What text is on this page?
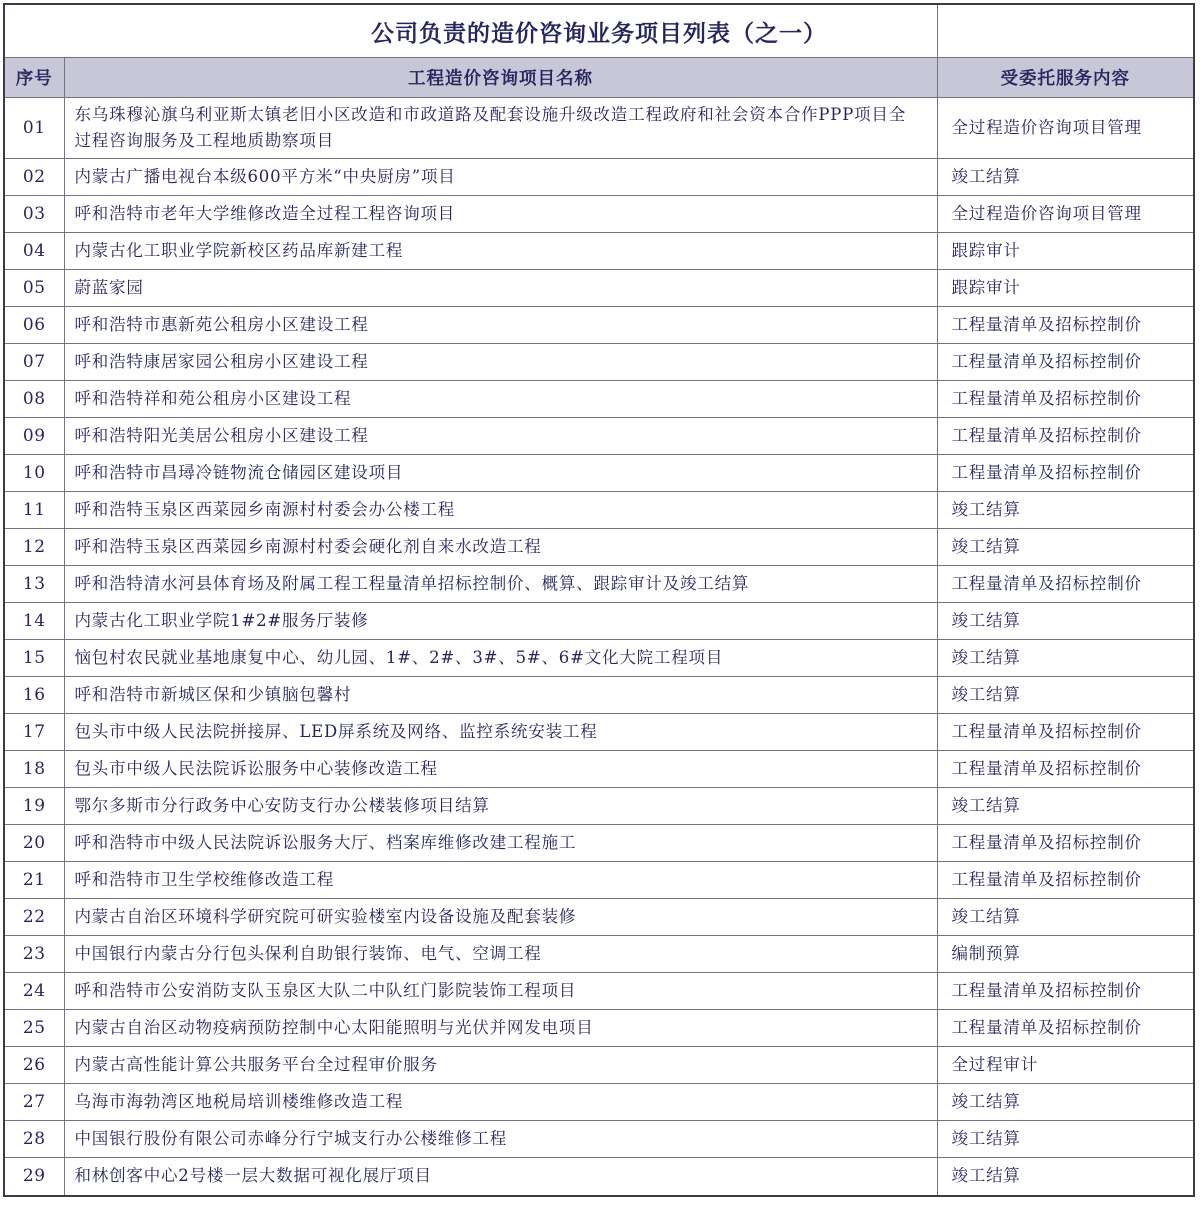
公司负责的造价咨询业务项目列表（之一）
序号	工程造价咨询项目名称	受委托服务内容
01	东乌珠穆沁旗乌利亚斯太镇老旧小区改造和市政道路及配套设施升级改造工程政府和社会资本合作PPP项目全过程咨询服务及工程地质勘察项目	全过程造价咨询项目管理
02	内蒙古广播电视台本级600平方米“中央厨房”项目	竣工结算
03	呼和浩特市老年大学维修改造全过程工程咨询项目	全过程造价咨询项目管理
04	内蒙古化工职业学院新校区药品库新建工程	跟踪审计
05	蔚蓝家园	跟踪审计
06	呼和浩特市惠新苑公租房小区建设工程	工程量清单及招标控制价
07	呼和浩特康居家园公租房小区建设工程	工程量清单及招标控制价
08	呼和浩特祥和苑公租房小区建设工程	工程量清单及招标控制价
09	呼和浩特阳光美居公租房小区建设工程	工程量清单及招标控制价
10	呼和浩特市昌璕冷链物流仓储园区建设项目	工程量清单及招标控制价
11	呼和浩特玉泉区西菜园乡南源村村委会办公楼工程	竣工结算
12	呼和浩特玉泉区西菜园乡南源村村委会硬化剂自来水改造工程	竣工结算
13	呼和浩特清水河县体育场及附属工程工程量清单招标控制价、概算、跟踪审计及竣工结算	工程量清单及招标控制价
14	内蒙古化工职业学院1#2#服务厅装修	竣工结算
15	恼包村农民就业基地康复中心、幼儿园、1#、2#、3#、5#、6#文化大院工程项目	竣工结算
16	呼和浩特市新城区保和少镇脑包馨村	竣工结算
17	包头市中级人民法院拼接屏、LED屏系统及网络、监控系统安装工程	工程量清单及招标控制价
18	包头市中级人民法院诉讼服务中心装修改造工程	工程量清单及招标控制价
19	鄂尔多斯市分行政务中心安防支行办公楼装修项目结算	竣工结算
20	呼和浩特市中级人民法院诉讼服务大厅、档案库维修改建工程施工	工程量清单及招标控制价
21	呼和浩特市卫生学校维修改造工程	工程量清单及招标控制价
22	内蒙古自治区环境科学研究院可研实验楼室内设备设施及配套装修	竣工结算
23	中国银行内蒙古分行包头保利自助银行装饰、电气、空调工程	编制预算
24	呼和浩特市公安消防支队玉泉区大队二中队红门影院装饰工程项目	工程量清单及招标控制价
25	内蒙古自治区动物疫病预防控制中心太阳能照明与光伏并网发电项目	工程量清单及招标控制价
26	内蒙古高性能计算公共服务平台全过程审价服务	全过程审计
27	乌海市海勃湾区地税局培训楼维修改造工程	竣工结算
28	中国银行股份有限公司赤峰分行宁城支行办公楼维修工程	竣工结算
29	和林创客中心2号楼一层大数据可视化展厅项目	竣工结算
